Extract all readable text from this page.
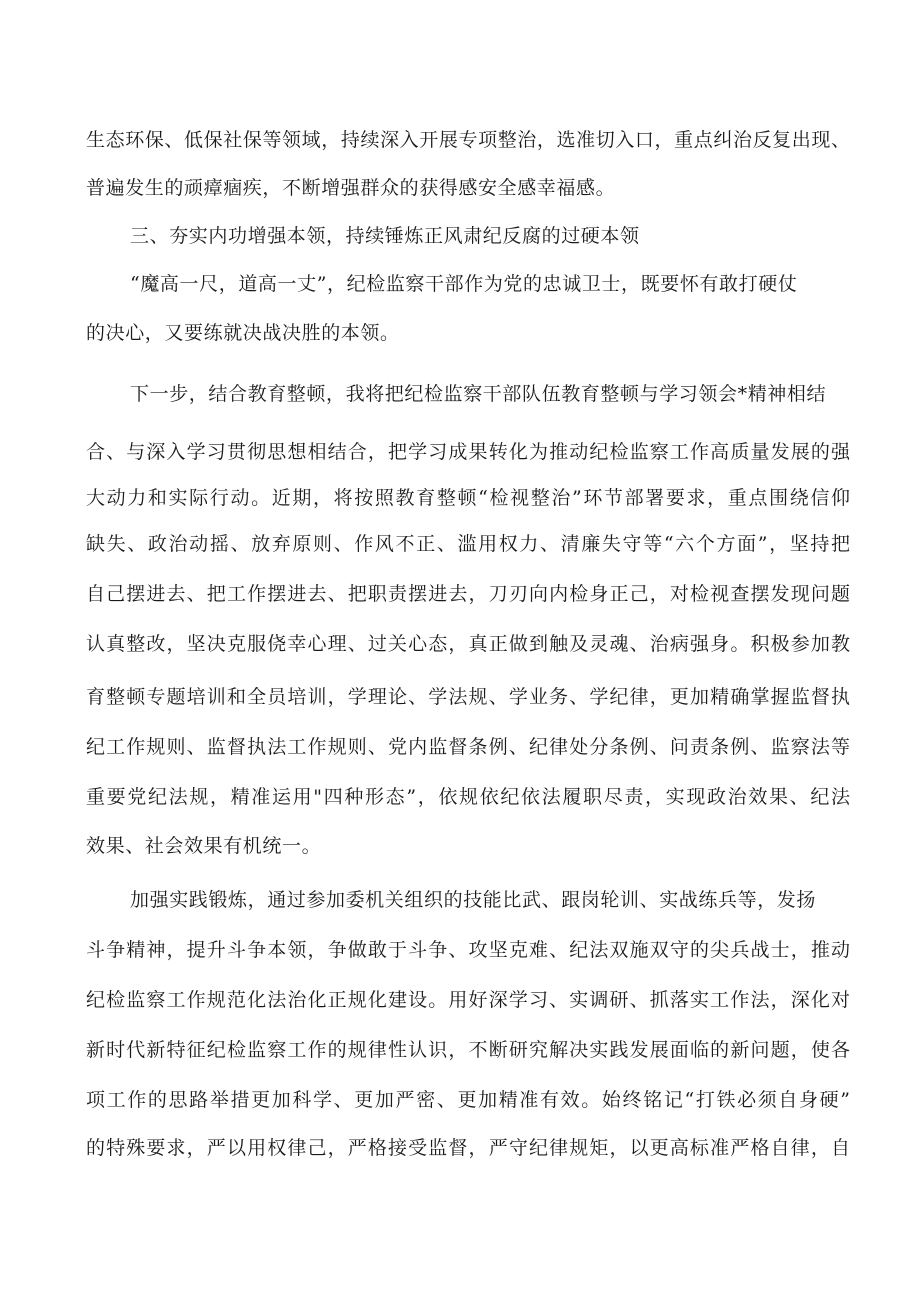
生态环保、低保社保等领域，持续深入开展专项整治，选准切入口，重点纠治反复出现、
普遍发生的顽瘴痼疾，不断增强群众的获得感安全感幸福感。
三、夯实内功增强本领，持续锤炼正风肃纪反腐的过硬本领
“魔高一尺，道高一丈”，纪检监察干部作为党的忠诚卫士，既要怀有敢打硬仗
的决心，又要练就决战决胜的本领。
下一步，结合教育整顿，我将把纪检监察干部队伍教育整顿与学习领会*精神相结
合、与深入学习贯彻思想相结合，把学习成果转化为推动纪检监察工作高质量发展的强
大动力和实际行动。近期，将按照教育整顿“检视整治”环节部署要求，重点围绕信仰
缺失、政治动摇、放弃原则、作风不正、滥用权力、清廉失守等“六个方面”，坚持把
自己摆进去、把工作摆进去、把职责摆进去，刀刃向内检身正己，对检视查摆发现问题
认真整改，坚决克服侥幸心理、过关心态，真正做到触及灵魂、治病强身。积极参加教
育整顿专题培训和全员培训，学理论、学法规、学业务、学纪律，更加精确掌握监督执
纪工作规则、监督执法工作规则、党内监督条例、纪律处分条例、问责条例、监察法等
重要党纪法规，精准运用"四种形态”，依规依纪依法履职尽责，实现政治效果、纪法
效果、社会效果有机统一。
加强实践锻炼，通过参加委机关组织的技能比武、跟岗轮训、实战练兵等，发扬
斗争精神，提升斗争本领，争做敢于斗争、攻坚克难、纪法双施双守的尖兵战士，推动
纪检监察工作规范化法治化正规化建设。用好深学习、实调研、抓落实工作法，深化对
新时代新特征纪检监察工作的规律性认识，不断研究解决实践发展面临的新问题，使各
项工作的思路举措更加科学、更加严密、更加精准有效。始终铭记“打铁必须自身硬”
的特殊要求，严以用权律己，严格接受监督，严守纪律规矩，以更高标准严格自律，自
